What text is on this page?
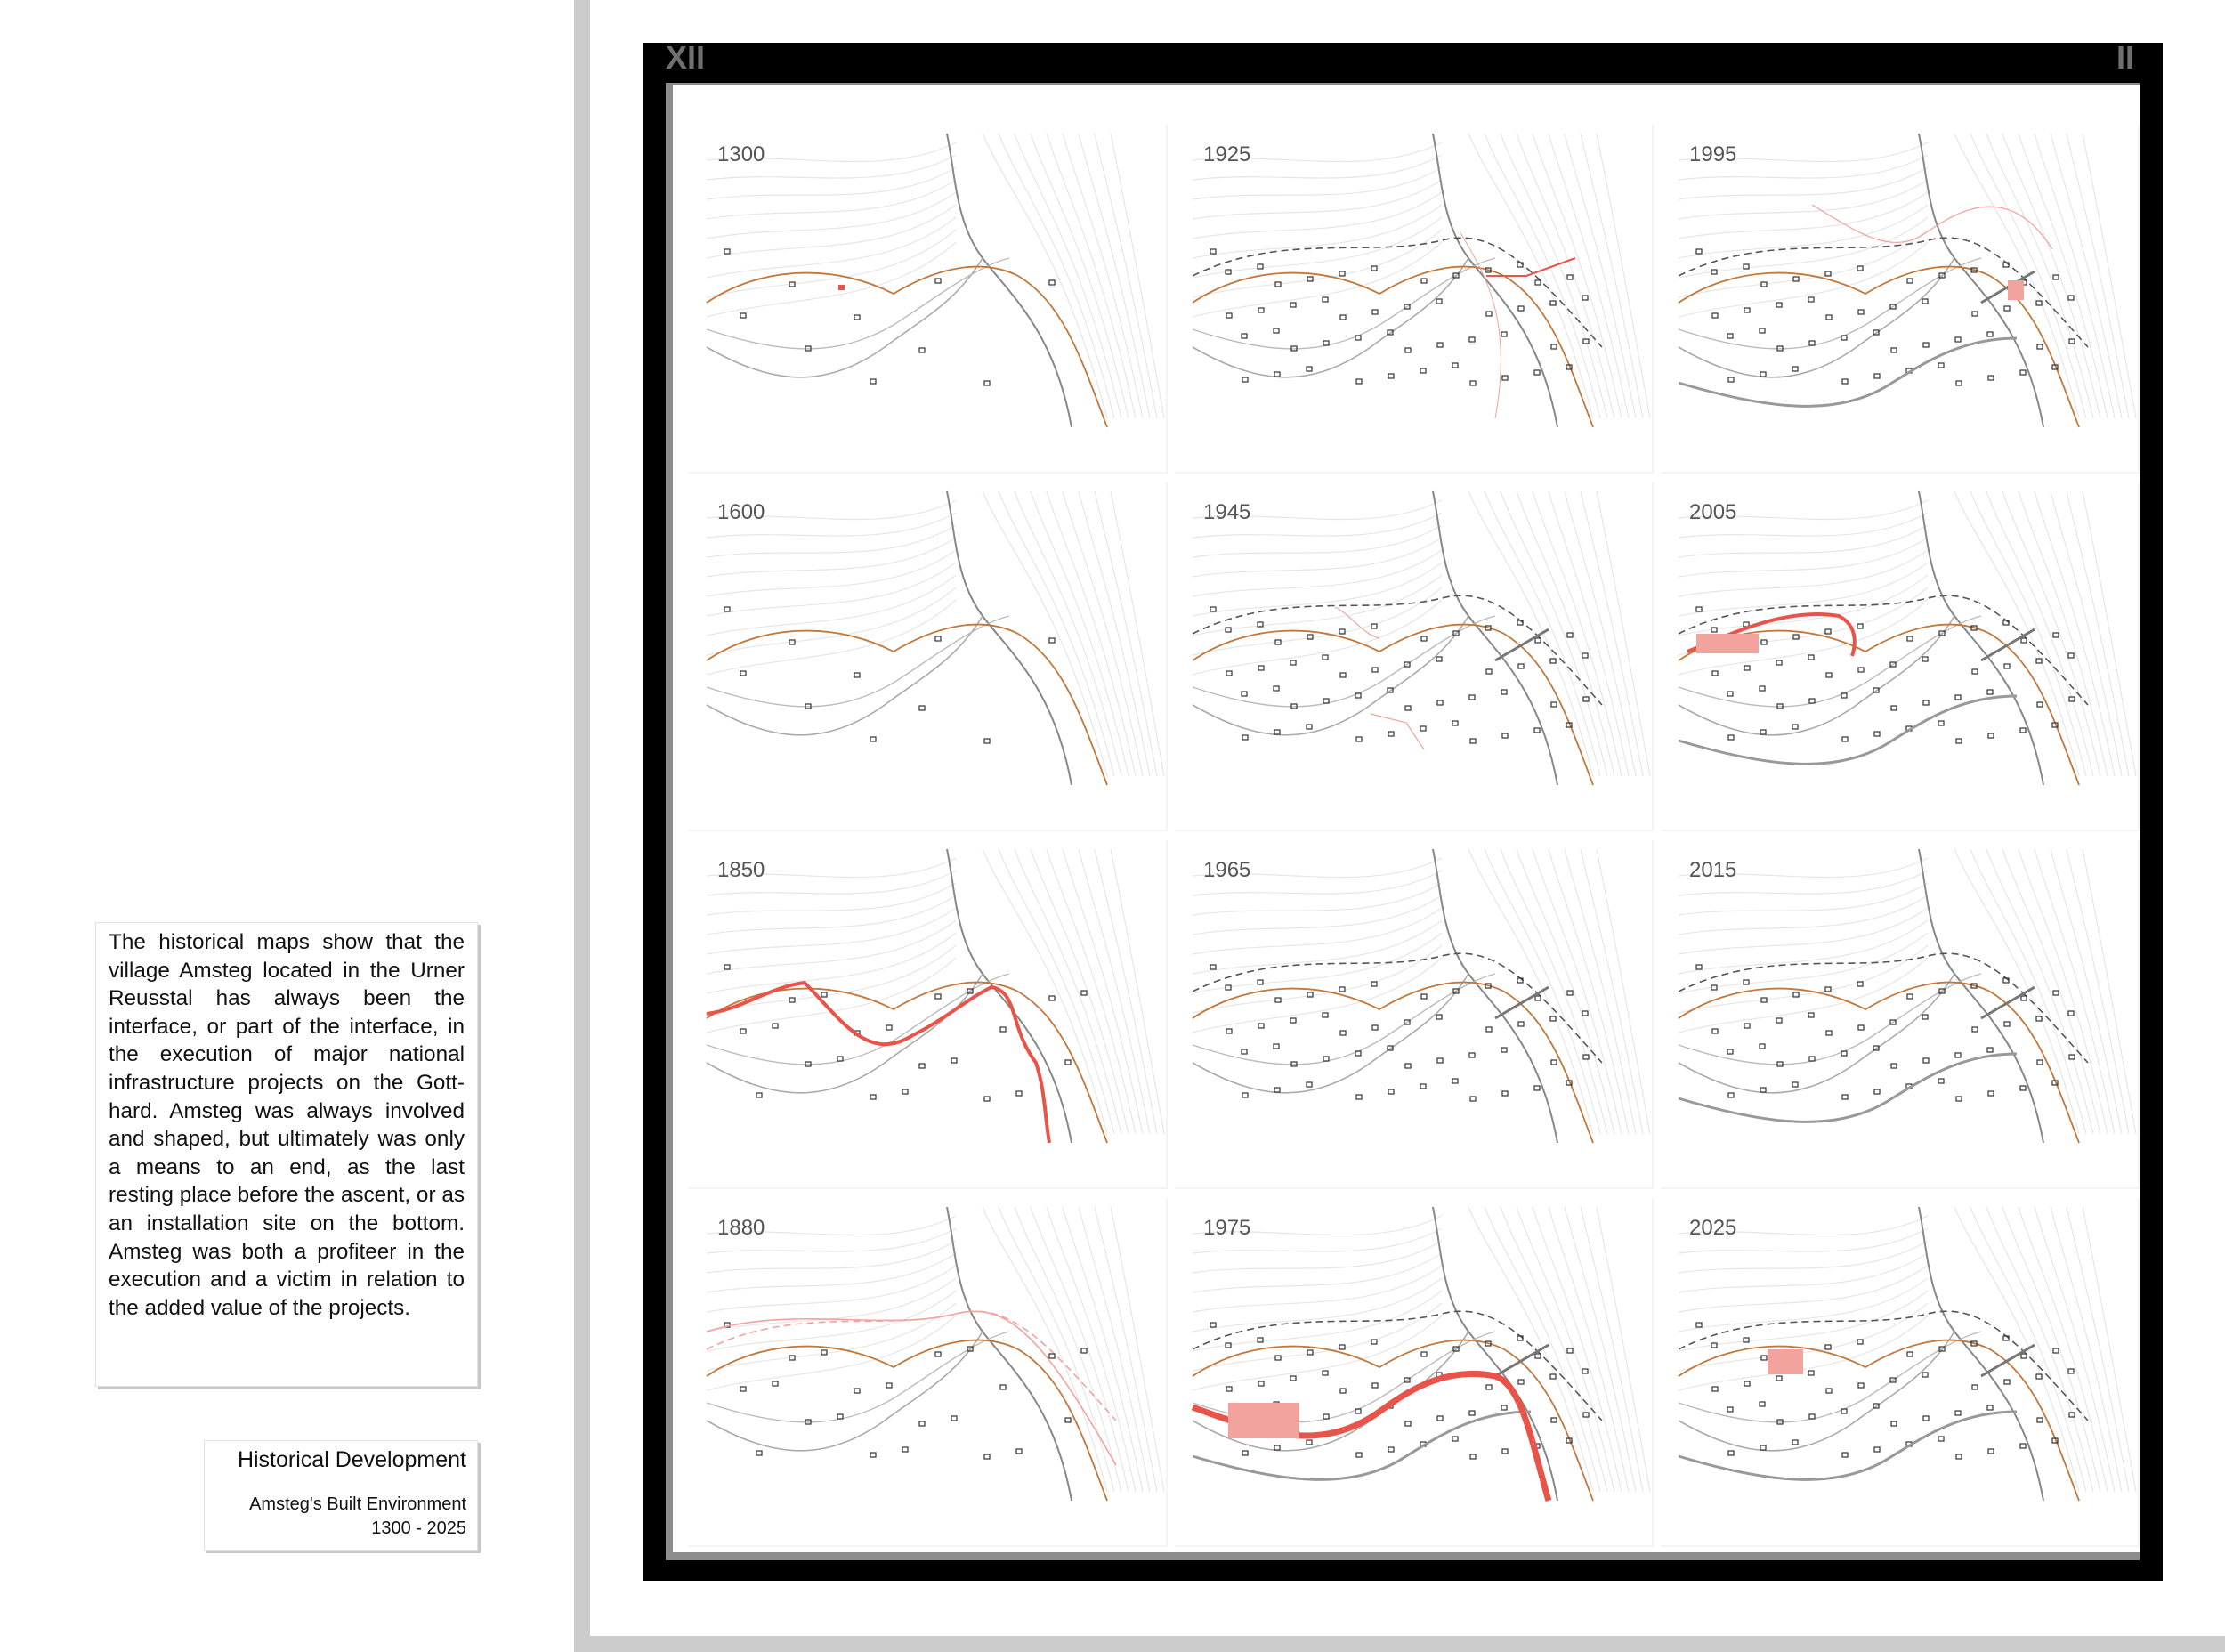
1300	1925	1995
1600	1945	2005
1850	1965	2015
1880	1975	2025
XII	II
The historical maps show that the village Amsteg located in the Urner Reusstal has always been the interface, or part of the interface, in the execution of major national infrastructure projects on the Gotthard. Amsteg was always involved and shaped, but ultimately was only a means to an end, as the last resting place before the ascent, or as an installation site on the bottom. Amsteg was both a profiteer in the execution and a victim in relation to the added value of the projects.
Historical Development
Amsteg's Built Environment
1300 - 2025
